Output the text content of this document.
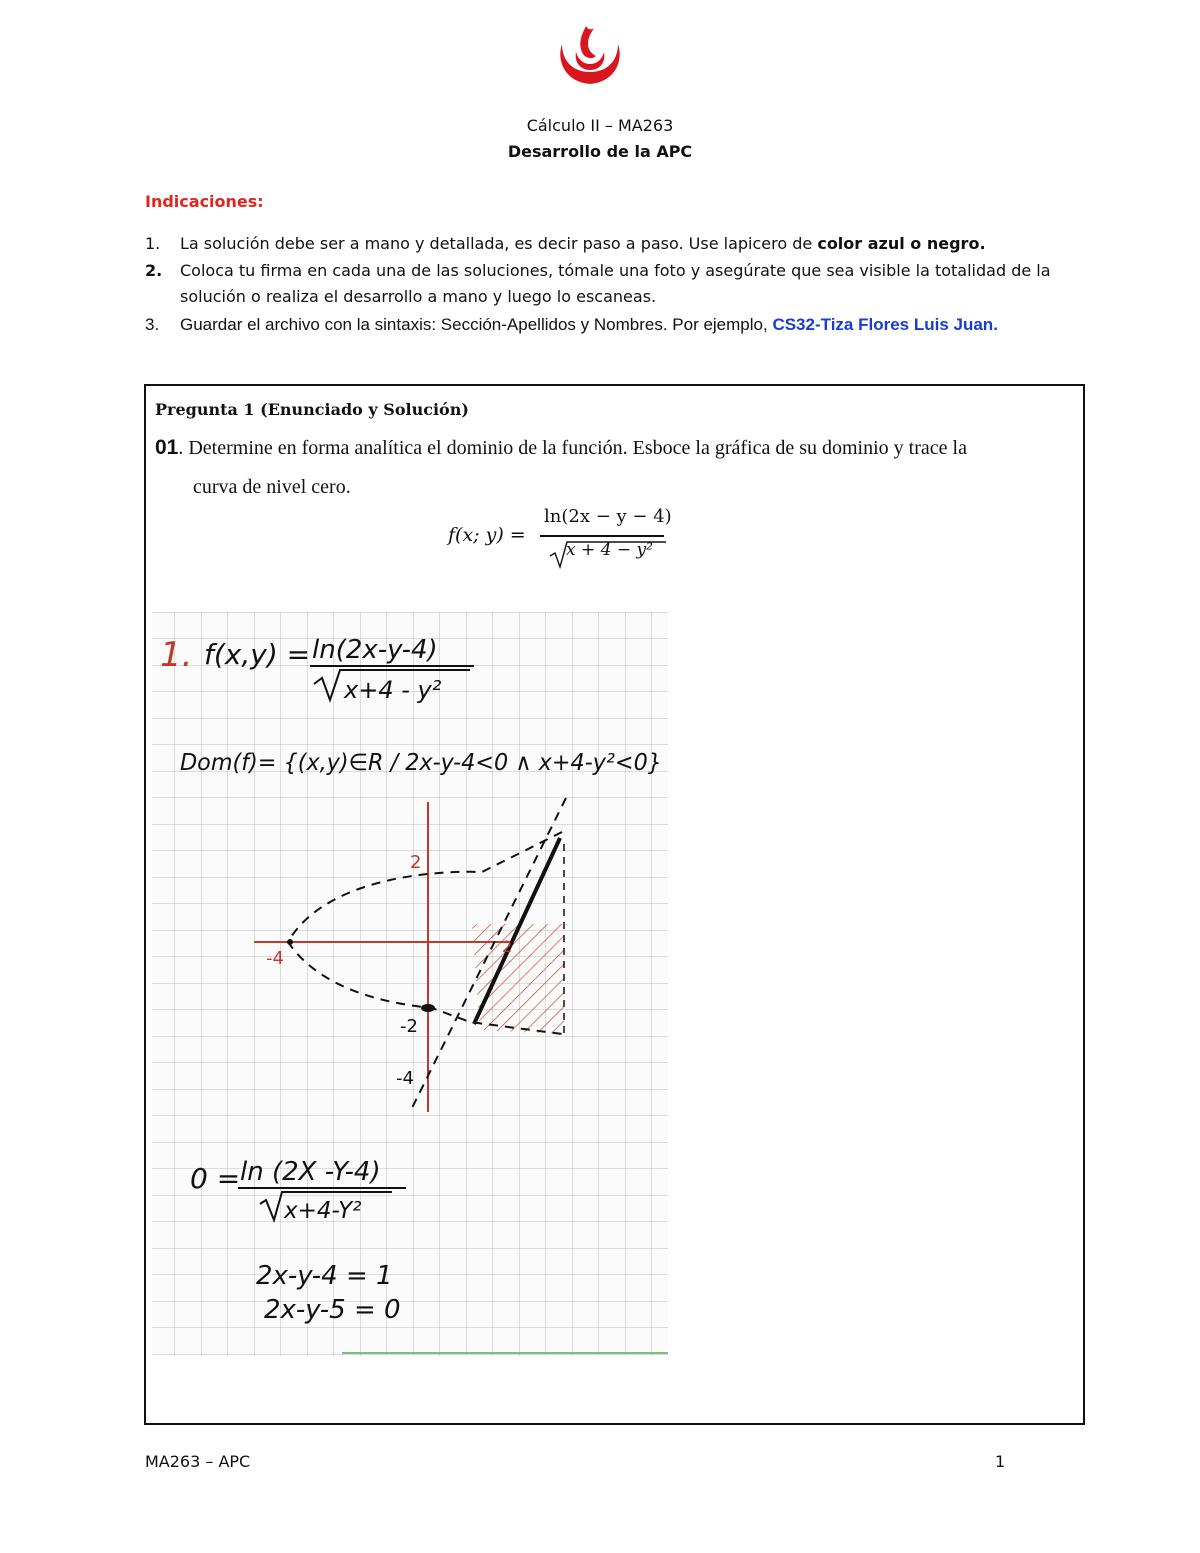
Cálculo II – MA263
Desarrollo de la APC
Indicaciones:
1.	La solución debe ser a mano y detallada, es decir paso a paso. Use lapicero de color azul o negro.
2.	Coloca tu firma en cada una de las soluciones, tómale una foto y asegúrate que sea visible la totalidad de la solución o realiza el desarrollo a mano y luego lo escaneas.
3.	Guardar el archivo con la sintaxis: Sección-Apellidos y Nombres. Por ejemplo, CS32-Tiza Flores Luis Juan.
Pregunta 1 (Enunciado y Solución)
01. Determine en forma analítica el dominio de la función. Esboce la gráfica de su dominio y trace la
curva de nivel cero.
f(x; y) =
ln(2x − y − 4)
x + 4 − y²
1. f(x,y) = ln(2x-y-4)
x+4 - y²
Dom(f)= {(x,y)∈R / 2x-y-4<0 ∧ x+4-y²<0}
2
-4
-2
-4
2
0 = ln (2X -Y-4)
x+4-Y²
2x-y-4 = 1
2x-y-5 = 0
MA263 – APC	1
